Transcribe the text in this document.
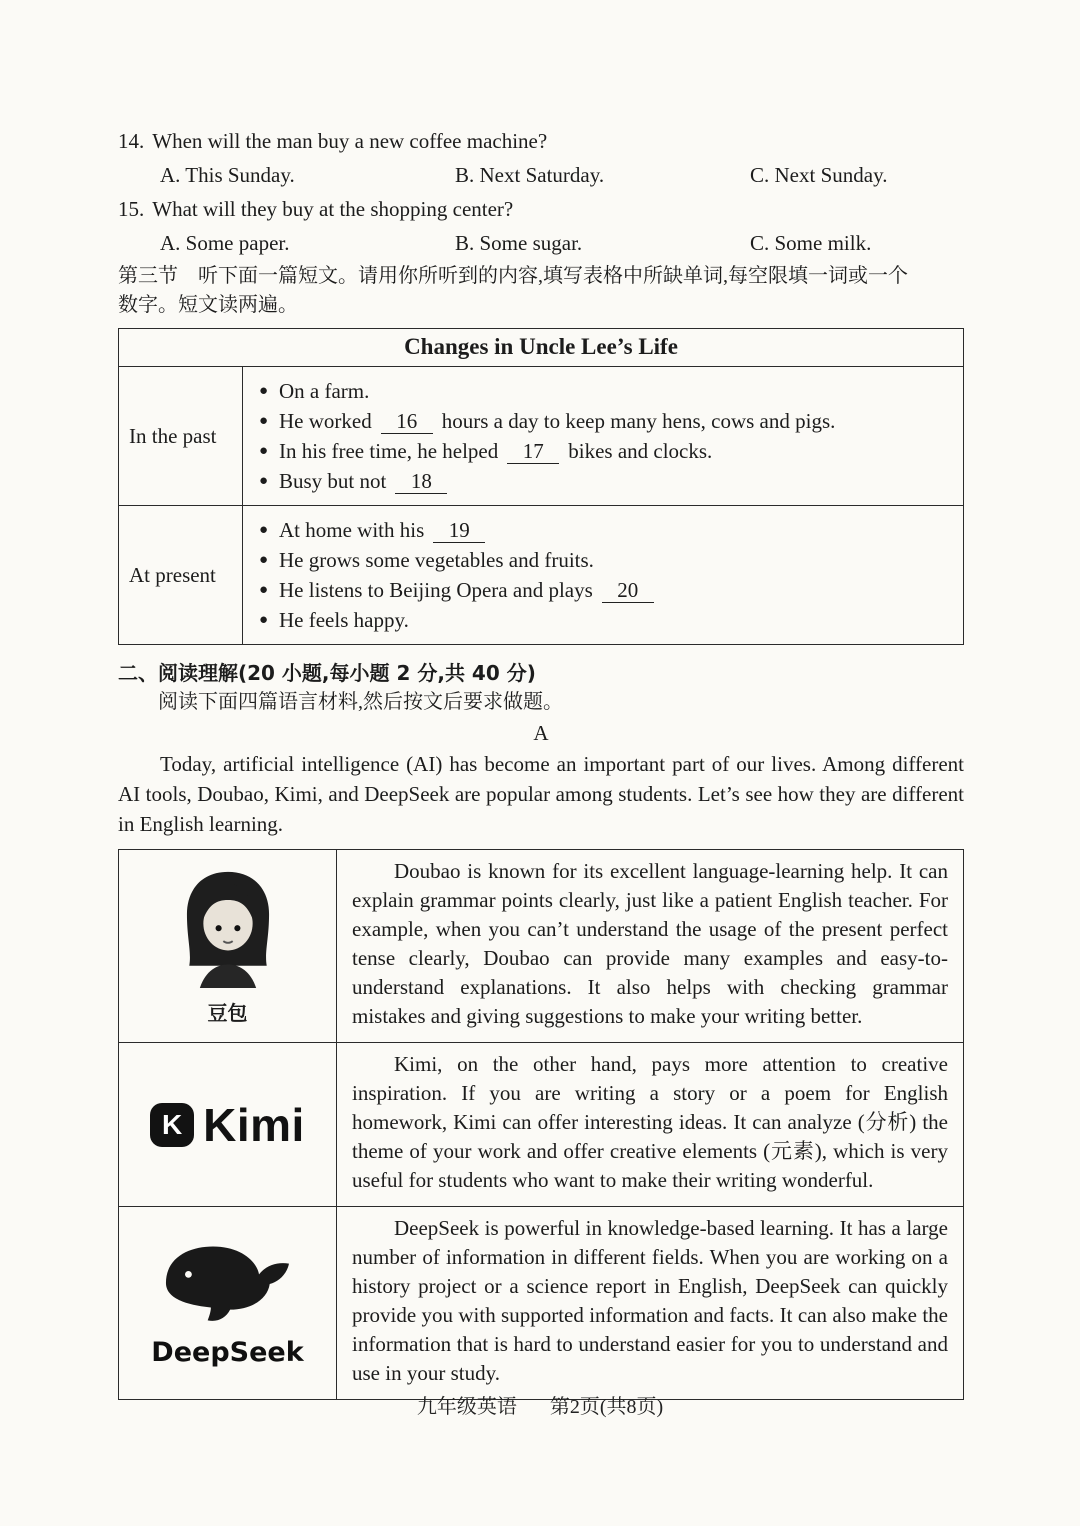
14. When will the man buy a new coffee machine?
A. This Sunday.	B. Next Saturday.	C. Next Sunday.
15. What will they buy at the shopping center?
A. Some paper.	B. Some sugar.	C. Some milk.
第三节　听下面一篇短文。请用你所听到的内容,填写表格中所缺单词,每空限填一词或一个
数字。短文读两遍。
Changes in Uncle Lee’s Life	
In the past	● On a farm.
● He worked 16 hours a day to keep many hens, cows and pigs.
● In his free time, he helped 17 bikes and clocks.
● Busy but not 18

At present	● At home with his 19
● He grows some vegetables and fruits.
● He listens to Beijing Opera and plays 20
● He feels happy.
二、阅读理解(20 小题,每小题 2 分,共 40 分)
阅读下面四篇语言材料,然后按文后要求做题。
A

Today, artificial intelligence (AI) has become an important part of our lives. Among different AI tools, Doubao, Kimi, and DeepSeek are popular among students. Let’s see how they are different in English learning.

豆包	Doubao is known for its excellent language-learning help. It can explain grammar points clearly, just like a patient English teacher. For example, when you can’t understand the usage of the present perfect tense clearly, Doubao can provide many examples and easy-to-understand explanations. It also helps with checking grammar mistakes and giving suggestions to make your writing better.

K Kimi	Kimi, on the other hand, pays more attention to creative inspiration. If you are writing a story or a poem for English homework, Kimi can offer interesting ideas. It can analyze (分析) the theme of your work and offer creative elements (元素), which is very useful for students who want to make their writing wonderful.

DeepSeek	DeepSeek is powerful in knowledge-based learning. It has a large number of information in different fields. When you are working on a history project or a science report in English, DeepSeek can quickly provide you with supported information and facts. It can also make the information that is hard to understand easier for you to understand and use in your study.

九年级英语 第2页(共8页)
